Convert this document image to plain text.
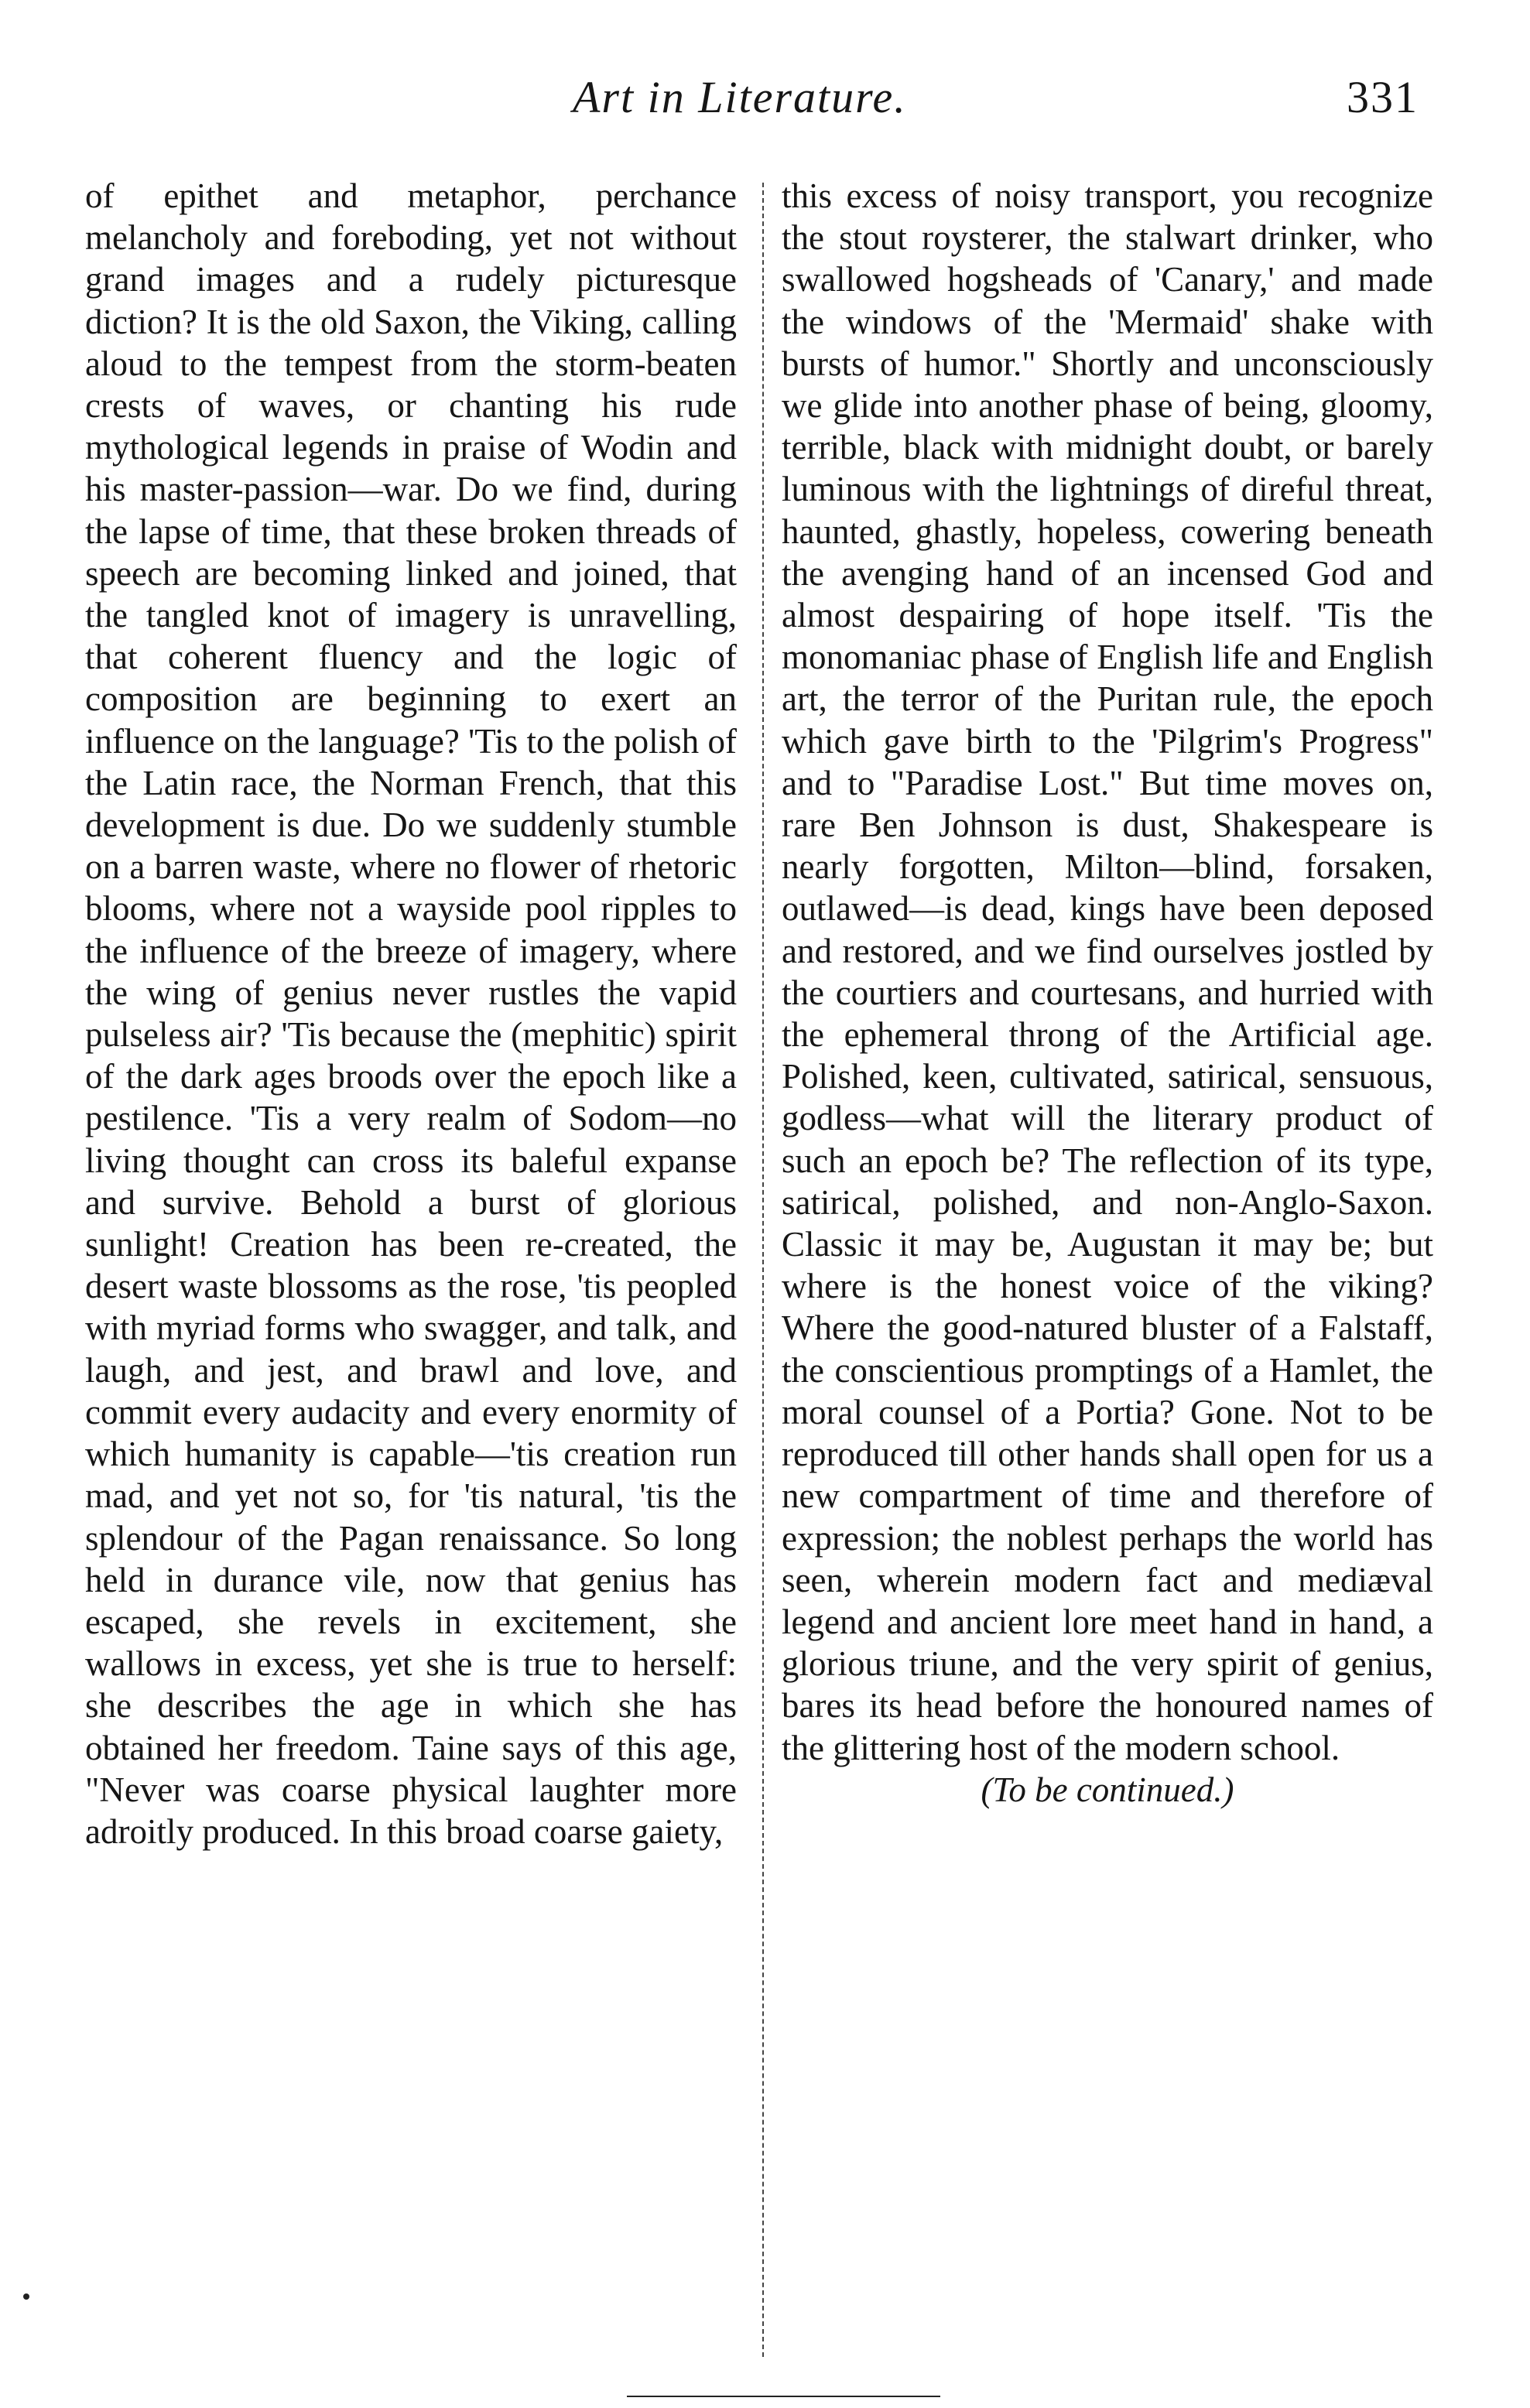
Art in Literature.	331

of epithet and metaphor, perchance melancholy and foreboding, yet not without grand images and a rudely picturesque diction? It is the old Saxon, the Viking, calling aloud to the tempest from the storm-beaten crests of waves, or chanting his rude mythological legends in praise of Wodin and his master-passion—war. Do we find, during the lapse of time, that these broken threads of speech are becoming linked and joined, that the tangled knot of imagery is unravelling, that coherent fluency and the logic of composition are beginning to exert an influence on the language? 'Tis to the polish of the Latin race, the Norman French, that this development is due. Do we suddenly stumble on a barren waste, where no flower of rhetoric blooms, where not a wayside pool ripples to the influence of the breeze of imagery, where the wing of genius never rustles the vapid pulseless air? 'Tis because the (mephitic) spirit of the dark ages broods over the epoch like a pestilence. 'Tis a very realm of Sodom—no living thought can cross its baleful expanse and survive. Behold a burst of glorious sunlight! Creation has been re-created, the desert waste blossoms as the rose, 'tis peopled with myriad forms who swagger, and talk, and laugh, and jest, and brawl and love, and commit every audacity and every enormity of which humanity is capable—'tis creation run mad, and yet not so, for 'tis natural, 'tis the splendour of the Pagan renaissance. So long held in durance vile, now that genius has escaped, she revels in excitement, she wallows in excess, yet she is true to herself: she describes the age in which she has obtained her freedom. Taine says of this age, "Never was coarse physical laughter more adroitly produced. In this broad coarse gaiety,

this excess of noisy transport, you recognize the stout roysterer, the stalwart drinker, who swallowed hogsheads of 'Canary,' and made the windows of the 'Mermaid' shake with bursts of humor." Shortly and unconsciously we glide into another phase of being, gloomy, terrible, black with midnight doubt, or barely luminous with the lightnings of direful threat, haunted, ghastly, hopeless, cowering beneath the avenging hand of an incensed God and almost despairing of hope itself. 'Tis the monomaniac phase of English life and English art, the terror of the Puritan rule, the epoch which gave birth to the 'Pilgrim's Progress" and to "Paradise Lost." But time moves on, rare Ben Johnson is dust, Shakespeare is nearly forgotten, Milton—blind, forsaken, outlawed—is dead, kings have been deposed and restored, and we find ourselves jostled by the courtiers and courtesans, and hurried with the ephemeral throng of the Artificial age. Polished, keen, cultivated, satirical, sensuous, godless—what will the literary product of such an epoch be? The reflection of its type, satirical, polished, and non-Anglo-Saxon. Classic it may be, Augustan it may be; but where is the honest voice of the viking? Where the good-natured bluster of a Falstaff, the conscientious promptings of a Hamlet, the moral counsel of a Portia? Gone. Not to be reproduced till other hands shall open for us a new compartment of time and therefore of expression; the noblest perhaps the world has seen, wherein modern fact and mediæval legend and ancient lore meet hand in hand, a glorious triune, and the very spirit of genius, bares its head before the honoured names of the glittering host of the modern school.

(To be continued.)
